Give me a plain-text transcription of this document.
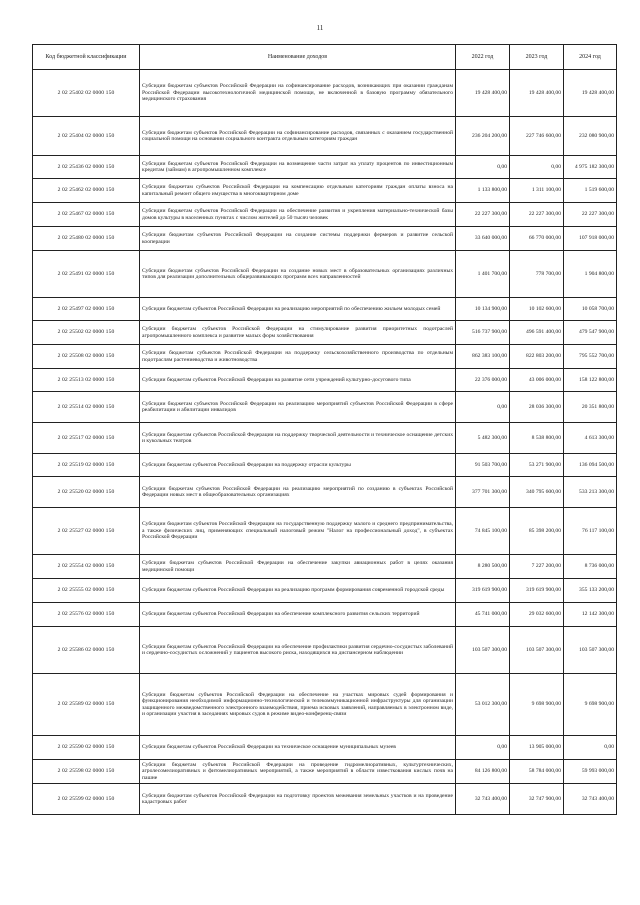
11
Код бюджетной классификации	Наименование доходов	2022 год	2023 год	2024 год
2 02 25402 02 0000 150	Субсидии бюджетам субъектов Российской Федерации на софинансирование расходов, возникающих при оказании гражданам Российской Федерации высокотехнологичной медицинской помощи, не включенной в базовую программу обязательного медицинского страхования	19 428 400,00	19 428 400,00	19 428 400,00
2 02 25404 02 0000 150	Субсидии бюджетам субъектов Российской Федерации на софинансирование расходов, связанных с оказанием государственной социальной помощи на основании социального контракта отдельным категориям граждан	236 204 200,00	227 746 600,00	232 080 900,00
2 02 25436 02 0000 150	Субсидии бюджетам субъектов Российской Федерации на возмещение части затрат на уплату процентов по инвестиционным кредитам (займам) в агропромышленном комплексе	0,00	0,00	4 975 182 300,00
2 02 25462 02 0000 150	Субсидии бюджетам субъектов Российской Федерации на компенсацию отдельным категориям граждан оплаты взноса на капитальный ремонт общего имущества в многоквартирном доме	1 133 800,00	1 311 100,00	1 519 600,00
2 02 25467 02 0000 150	Субсидии бюджетам субъектов Российской Федерации на обеспечение развития и укрепления материально-технической базы домов культуры в населенных пунктах с числом жителей до 50 тысяч человек	22 227 300,00	22 227 300,00	22 227 300,00
2 02 25480 02 0000 150	Субсидии бюджетам субъектов Российской Федерации на создание системы поддержки фермеров и развитие сельской кооперации	33 640 000,00	66 770 000,00	107 918 000,00
2 02 25491 02 0000 150	Субсидии бюджетам субъектов Российской Федерации на создание новых мест в образовательных организациях различных типов для реализации дополнительных общеразвивающих программ всех направленностей	1 401 700,00	778 700,00	1 904 800,00
2 02 25497 02 0000 150	Субсидии бюджетам субъектов Российской Федерации на реализацию мероприятий по обеспечению жильем молодых семей	10 134 900,00	10 102 600,00	10 058 700,00
2 02 25502 02 0000 150	Субсидии бюджетам субъектов Российской Федерации на стимулирование развития приоритетных подотраслей агропромышленного комплекса и развитие малых форм хозяйствования	516 737 900,00	496 591 400,00	479 547 900,00
2 02 25508 02 0000 150	Субсидии бюджетам субъектов Российской Федерации на поддержку сельскохозяйственного производства по отдельным подотраслям растениеводства и животноводства	862 383 100,00	822 803 200,00	795 552 700,00
2 02 25513 02 0000 150	Субсидии бюджетам субъектов Российской Федерации на развитие сети учреждений культурно-досугового типа	22 376 000,00	43 006 000,00	158 122 800,00
2 02 25514 02 0000 150	Субсидии бюджетам субъектов Российской Федерации на реализацию мероприятий субъектов Российской Федерации в сфере реабилитации и абилитации инвалидов	0,00	28 036 300,00	20 351 800,00
2 02 25517 02 0000 150	Субсидии бюджетам субъектов Российской Федерации на поддержку творческой деятельности и техническое оснащение детских и кукольных театров	5 482 300,00	8 538 800,00	4 613 300,00
2 02 25519 02 0000 150	Субсидии бюджетам субъектов Российской Федерации на поддержку отрасли культуры	91 503 700,00	53 271 900,00	136 094 500,00
2 02 25520 02 0000 150	Субсидии бюджетам субъектов Российской Федерации на реализацию мероприятий по созданию в субъектах Российской Федерации новых мест в общеобразовательных организациях	377 701 300,00	340 795 600,00	533 213 300,00
2 02 25527 02 0000 150	Субсидии бюджетам субъектов Российской Федерации на государственную поддержку малого и среднего предпринимательства, а также физических лиц, применяющих специальный налоговый режим "Налог на профессиональный доход", в субъектах Российской Федерации	74 845 100,00	85 398 200,00	76 117 100,00
2 02 25554 02 0000 150	Субсидии бюджетам субъектов Российской Федерации на обеспечение закупки авиационных работ в целях оказания медицинской помощи	8 280 500,00	7 227 200,00	8 736 000,00
2 02 25555 02 0000 150	Субсидии бюджетам субъектов Российской Федерации на реализацию программ формирования современной городской среды	319 619 900,00	319 619 900,00	355 133 200,00
2 02 25576 02 0000 150	Субсидии бюджетам субъектов Российской Федерации на обеспечение комплексного развития сельских территорий	45 741 000,00	29 032 600,00	12 142 300,00
2 02 25586 02 0000 150	Субсидии бюджетам субъектов Российской Федерации на обеспечение профилактики развития сердечно-сосудистых заболеваний и сердечно-сосудистых осложнений у пациентов высокого риска, находящихся на диспансерном наблюдении	103 507 300,00	103 507 300,00	103 507 300,00
2 02 25589 02 0000 150	Субсидии бюджетам субъектов Российской Федерации на обеспечение на участках мировых судей формирования и функционирования необходимой информационно-технологической и телекоммуникационной инфраструктуры для организации защищенного межведомственного электронного взаимодействия, приема исковых заявлений, направляемых в электронном виде, и организации участия в заседаниях мировых судов в режиме видео-конференц-связи	53 012 300,00	9 698 900,00	9 698 900,00
2 02 25590 02 0000 150	Субсидии бюджетам субъектов Российской Федерации на техническое оснащение муниципальных музеев	0,00	13 905 000,00	0,00
2 02 25598 02 0000 150	Субсидии бюджетам субъектов Российской Федерации на проведение гидромелиоративных, культуртехнических, агролесомелиоративных и фитомелиоративных мероприятий, а также мероприятий в области известкования кислых почв на пашне	84 126 800,00	58 784 000,00	59 993 000,00
2 02 25599 02 0000 150	Субсидии бюджетам субъектов Российской Федерации на подготовку проектов межевания земельных участков и на проведение кадастровых работ	32 743 400,00	32 747 900,00	32 743 400,00
